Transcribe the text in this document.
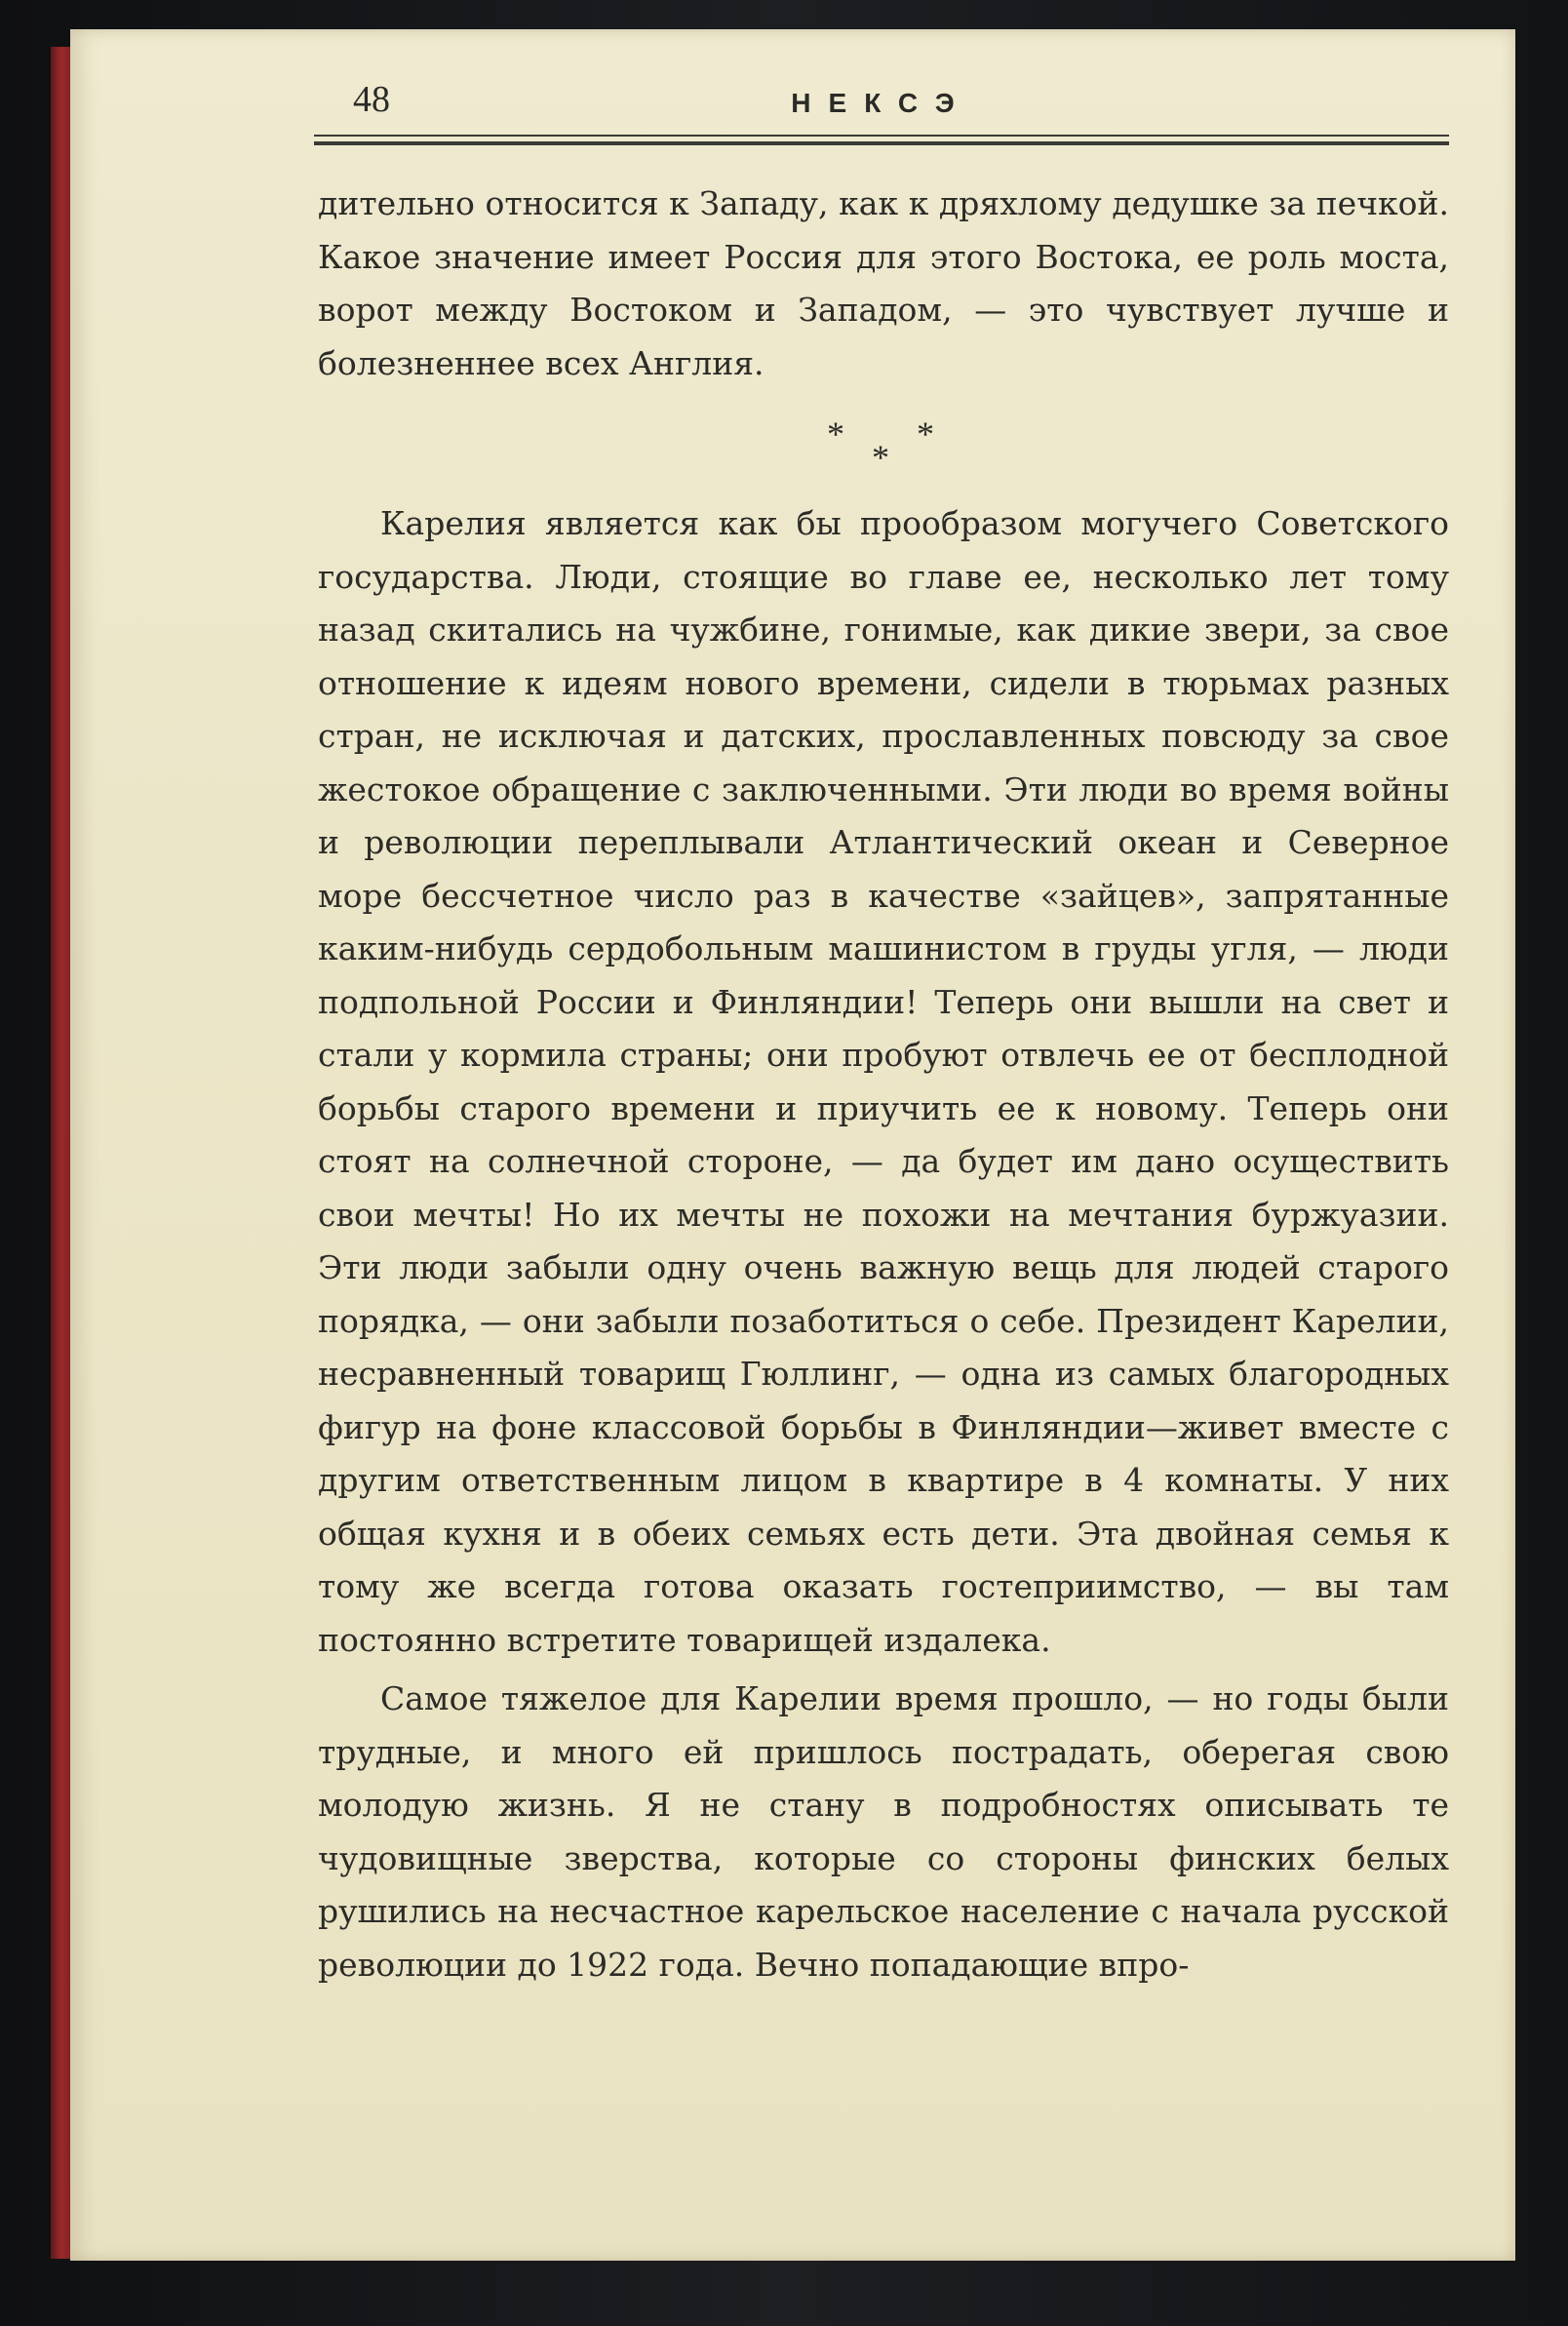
48	НЕКСЭ

дительно относится к Западу, как к дряхлому дедушке за печкой. Какое значение имеет Россия для этого Востока, ее роль моста, ворот между Востоком и Западом, — это чувствует лучше и болезненнее всех Англия.

*
*
*

Карелия является как бы прообразом могучего Советского государства. Люди, стоящие во главе ее, несколько лет тому назад скитались на чужбине, гонимые, как дикие звери, за свое отношение к идеям нового времени, сидели в тюрьмах разных стран, не исключая и датских, прославленных повсюду за свое жестокое обращение с заключенными. Эти люди во время войны и революции переплывали Атлантический океан и Северное море бессчетное число раз в качестве «зайцев», запрятанные каким-нибудь сердобольным машинистом в груды угля, — люди подпольной России и Финляндии! Теперь они вышли на свет и стали у кормила страны; они пробуют отвлечь ее от бесплодной борьбы старого времени и приучить ее к новому. Теперь они стоят на солнечной стороне, — да будет им дано осуществить свои мечты! Но их мечты не похожи на мечтания буржуазии. Эти люди забыли одну очень важную вещь для людей старого порядка, — они забыли позаботиться о себе. Президент Карелии, несравненный товарищ Гюллинг, — одна из самых благородных фигур на фоне классовой борьбы в Финляндии—живет вместе с другим ответственным лицом в квартире в 4 комнаты. У них общая кухня и в обеих семьях есть дети. Эта двойная семья к тому же всегда готова оказать гостеприимство, — вы там постоянно встретите товарищей издалека.

Самое тяжелое для Карелии время прошло, — но годы были трудные, и много ей пришлось пострадать, оберегая свою молодую жизнь. Я не стану в подробностях описывать те чудовищные зверства, которые со стороны финских белых рушились на несчастное карельское население с начала русской революции до 1922 года. Вечно попадающие впро-
